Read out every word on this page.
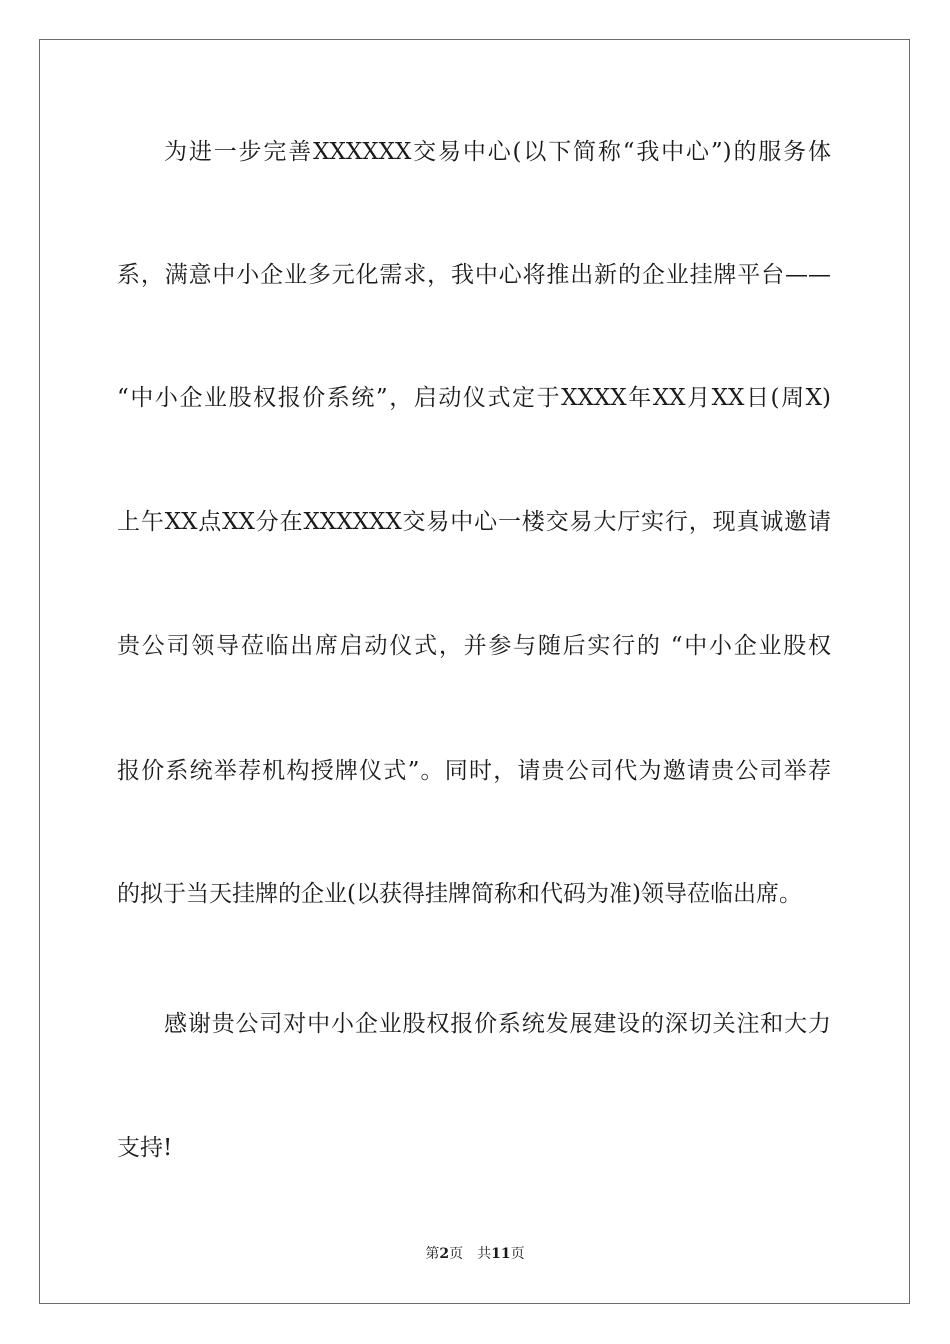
为进一步完善XXXXXX交易中心(以下简称“我中心”)的服务体
系，满意中小企业多元化需求，我中心将推出新的企业挂牌平台——
“中小企业股权报价系统”，启动仪式定于XXXX年XX月XX日(周X)
上午XX点XX分在XXXXXX交易中心一楼交易大厅实行，现真诚邀请
贵公司领导莅临出席启动仪式，并参与随后实行的 “中小企业股权
报价系统举荐机构授牌仪式”。同时，请贵公司代为邀请贵公司举荐
的拟于当天挂牌的企业(以获得挂牌简称和代码为准)领导莅临出席。
感谢贵公司对中小企业股权报价系统发展建设的深切关注和大力
支持!
第2页 共11页
